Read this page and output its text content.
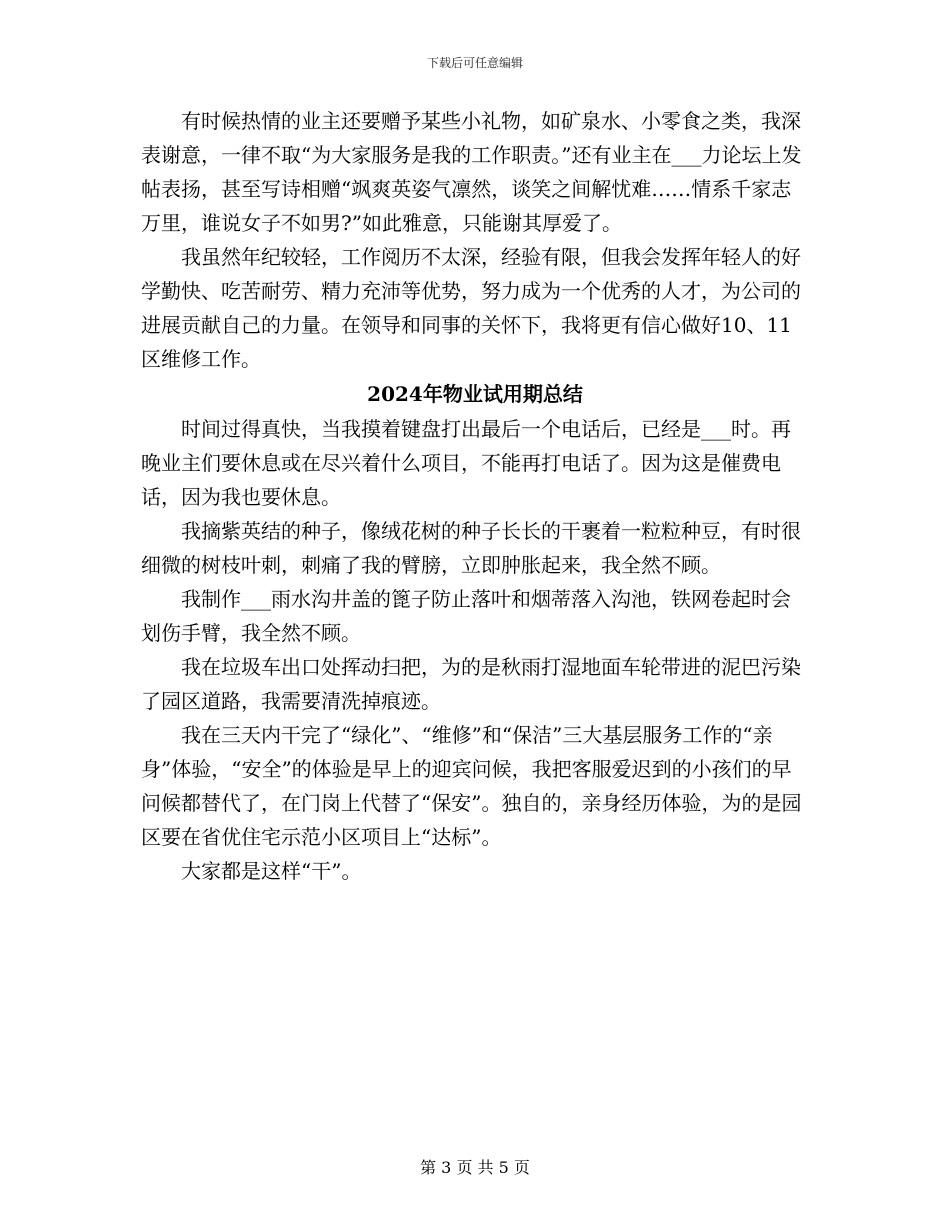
下载后可任意编辑

有时候热情的业主还要赠予某些小礼物，如矿泉水、小零食之类，我深表谢意，一律不取“为大家服务是我的工作职责。”还有业主在___力论坛上发帖表扬，甚至写诗相赠“飒爽英姿气凛然，谈笑之间解忧难……情系千家志万里，谁说女子不如男?”如此雅意，只能谢其厚爱了。

我虽然年纪较轻，工作阅历不太深，经验有限，但我会发挥年轻人的好学勤快、吃苦耐劳、精力充沛等优势，努力成为一个优秀的人才，为公司的进展贡献自己的力量。在领导和同事的关怀下，我将更有信心做好10、11区维修工作。

2024年物业试用期总结

时间过得真快，当我摸着键盘打出最后一个电话后，已经是___时。再晚业主们要休息或在尽兴着什么项目，不能再打电话了。因为这是催费电话，因为我也要休息。

我摘紫英结的种子，像绒花树的种子长长的干裹着一粒粒种豆，有时很细微的树枝叶刺，刺痛了我的臂膀，立即肿胀起来，我全然不顾。

我制作___雨水沟井盖的篦子防止落叶和烟蒂落入沟池，铁网卷起时会划伤手臂，我全然不顾。

我在垃圾车出口处挥动扫把，为的是秋雨打湿地面车轮带进的泥巴污染了园区道路，我需要清洗掉痕迹。

我在三天内干完了“绿化”、“维修”和“保洁”三大基层服务工作的“亲身”体验，“安全”的体验是早上的迎宾问候，我把客服爱迟到的小孩们的早问候都替代了，在门岗上代替了“保安”。独自的，亲身经历体验，为的是园区要在省优住宅示范小区项目上“达标”。

大家都是这样“干”。

第 3 页 共 5 页
